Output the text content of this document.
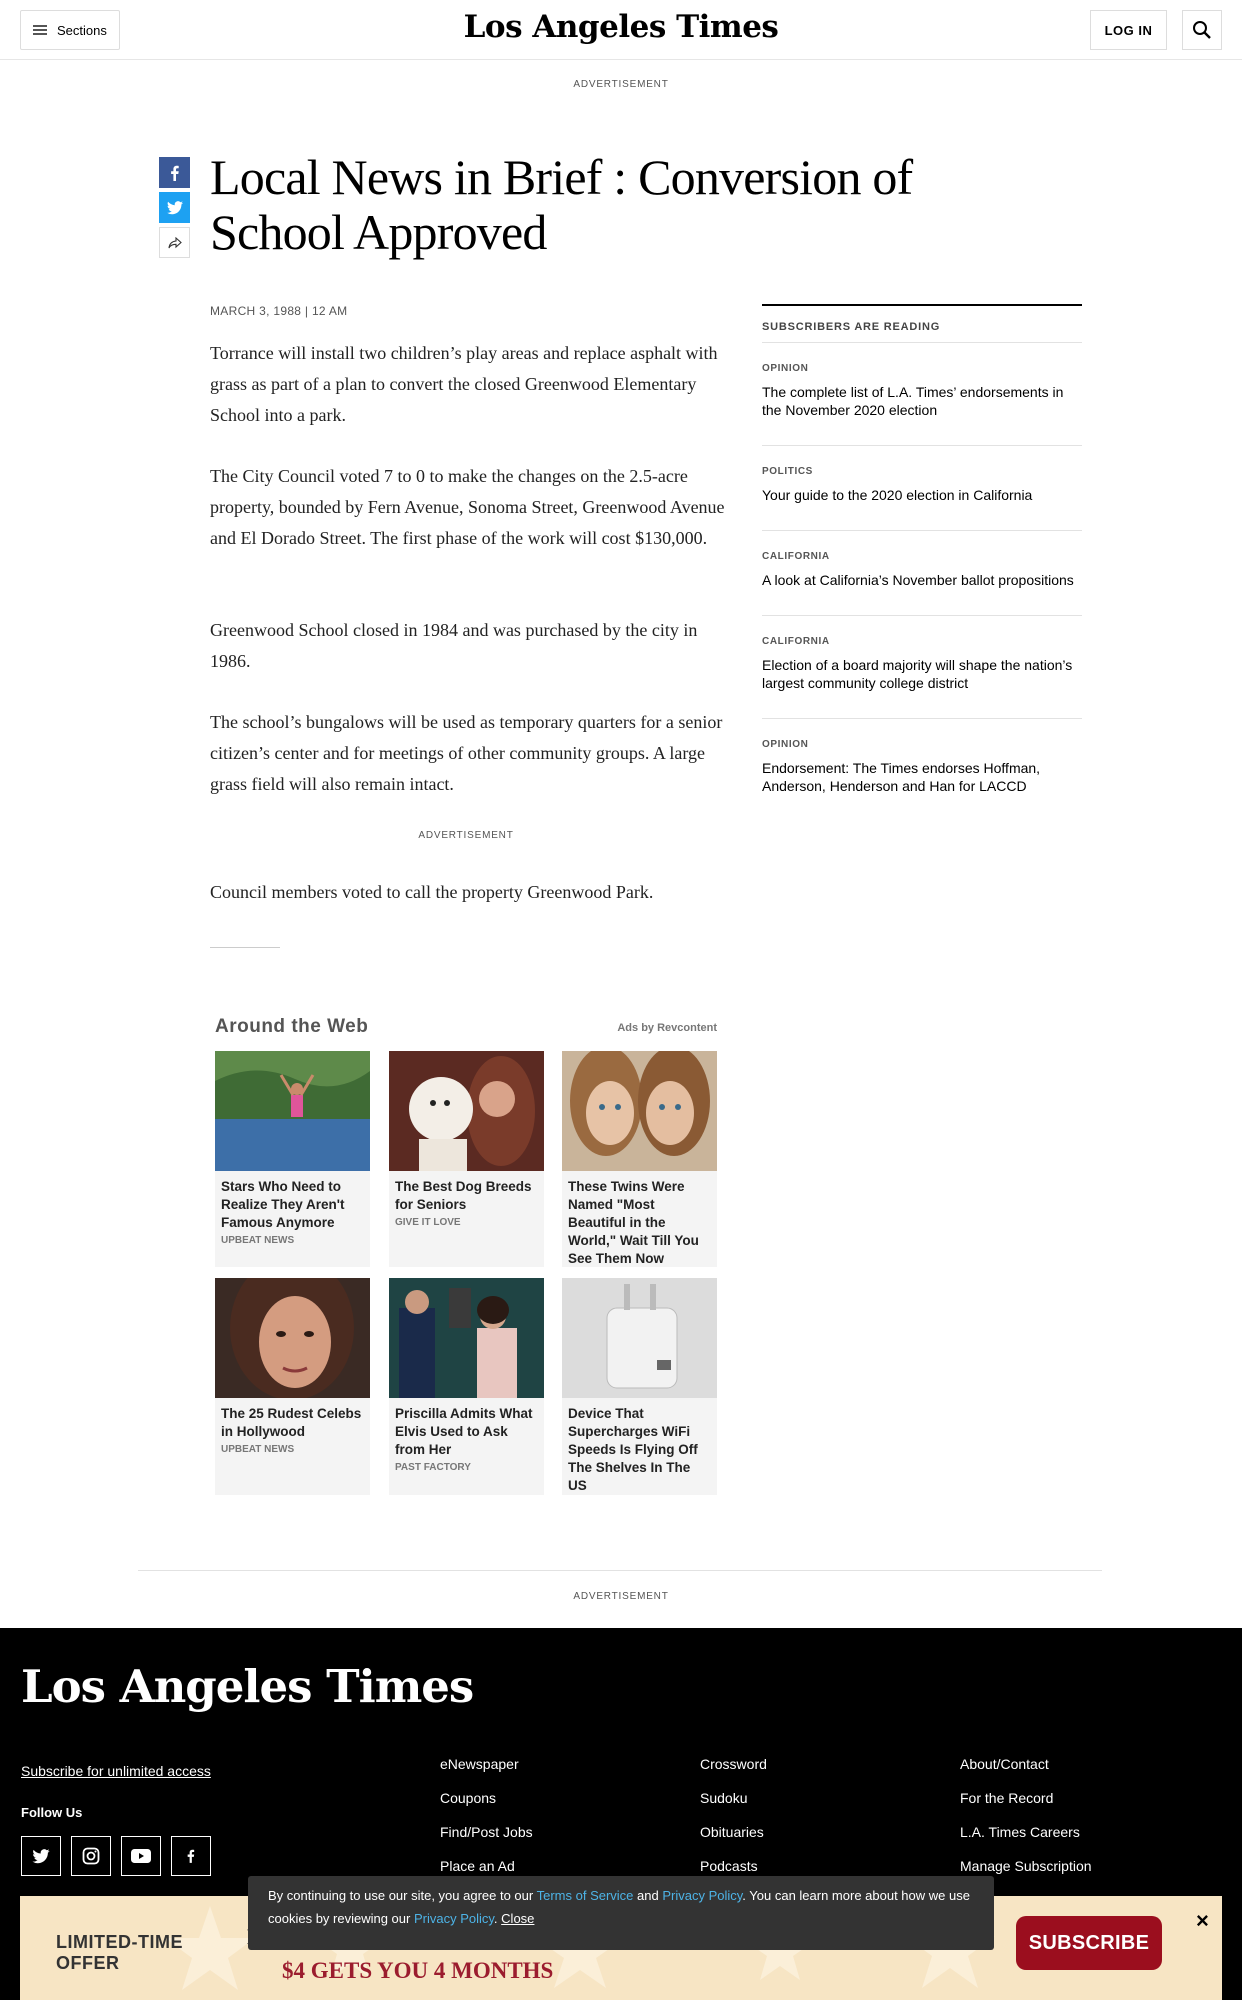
Sections	Los Angeles Times	LOG IN
ADVERTISEMENT
Local News in Brief : Conversion of School Approved
MARCH 3, 1988 | 12 AM

Torrance will install two children’s play areas and replace asphalt with grass as part of a plan to convert the closed Greenwood Elementary School into a park.

The City Council voted 7 to 0 to make the changes on the 2.5-acre property, bounded by Fern Avenue, Sonoma Street, Greenwood Avenue and El Dorado Street. The first phase of the work will cost $130,000.

Greenwood School closed in 1984 and was purchased by the city in 1986.

The school’s bungalows will be used as temporary quarters for a senior citizen’s center and for meetings of other community groups. A large grass field will also remain intact.

ADVERTISEMENT

Council members voted to call the property Greenwood Park.

SUBSCRIBERS ARE READING
OPINION
The complete list of L.A. Times’ endorsements in the November 2020 election
POLITICS
Your guide to the 2020 election in California
CALIFORNIA
A look at California’s November ballot propositions
CALIFORNIA
Election of a board majority will shape the nation’s largest community college district
OPINION
Endorsement: The Times endorses Hoffman, Anderson, Henderson and Han for LACCD
Around the Web	Ads by Revcontent
Stars Who Need to Realize They Aren't Famous Anymore
UPBEAT NEWS
The Best Dog Breeds for Seniors
GIVE IT LOVE
These Twins Were Named "Most Beautiful in the World," Wait Till You See Them Now
The 25 Rudest Celebs in Hollywood
UPBEAT NEWS
Priscilla Admits What Elvis Used to Ask from Her
PAST FACTORY
Device That Supercharges WiFi Speeds Is Flying Off The Shelves In The US
ADVERTISEMENT
Los Angeles Times
Subscribe for unlimited access
Follow Us
eNewspaper
Coupons
Find/Post Jobs
Place an Ad
Crossword
Sudoku
Obituaries
Podcasts
About/Contact
For the Record
L.A. Times Careers
Manage Subscription
LIMITED-TIME
OFFER	$4 GETS YOU 4 MONTHS
SUBSCRIBE
×
By continuing to use our site, you agree to our Terms of Service and Privacy Policy. You can learn more about how we use cookies by reviewing our Privacy Policy. Close
